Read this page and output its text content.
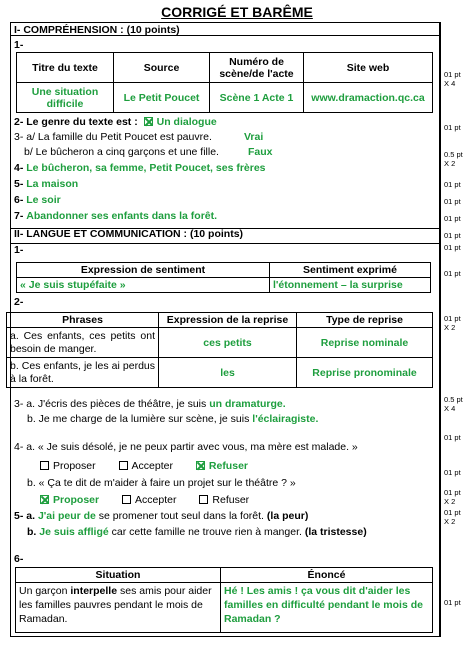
CORRIGÉ ET BARÊME
I- COMPRÉHENSION : (10 points)
1-
Titre du texte	Source	Numéro de scène/de l'acte	Site web
Une situation difficile	Le Petit Poucet	Scène 1 Acte 1	www.dramaction.qc.ca
2- Le genre du texte est : Un dialogue
3- a/ La famille du Petit Poucet est pauvre.	Vrai
b/ Le bûcheron a cinq garçons et une fille.	Faux
4- Le bûcheron, sa femme, Petit Poucet, ses frères
5- La maison
6- Le soir
7- Abandonner ses enfants dans la forêt.
II- LANGUE ET COMMUNICATION : (10 points)
1-
Expression de sentiment	Sentiment exprimé
« Je suis stupéfaite »	l'étonnement – la surprise
2-
Phrases	Expression de la reprise	Type de reprise
a. Ces enfants, ces petits ont besoin de manger.	ces petits	Reprise nominale
b. Ces enfants, je les ai perdus à la forêt.	les	Reprise pronominale
3- a. J'écris des pièces de théâtre, je suis un dramaturge.
b. Je me charge de la lumière sur scène, je suis l'éclairagiste.
4- a. « Je suis désolé, je ne peux partir avec vous, ma mère est malade. »
Proposer	Accepter	Refuser
b. « Ça te dit de m'aider à faire un projet sur le théâtre ? »
Proposer	Accepter	Refuser
5- a. J'ai peur de se promener tout seul dans la forêt. (la peur)
b. Je suis affligé car cette famille ne trouve rien à manger. (la tristesse)
6-
Situation	Énoncé
Un garçon interpelle ses amis pour aider les familles pauvres pendant le mois de Ramadan.	Hé ! Les amis ! ça vous dit d'aider les familles en difficulté pendant le mois de Ramadan ?
01 pt
X 4
01 pt
0.5 pt
X 2
01 pt
01 pt
01 pt
01 pt
01 pt
01 pt
01 pt
X 2
0.5 pt
X 4
01 pt
01 pt
01 pt
X 2
01 pt
X 2
01 pt
